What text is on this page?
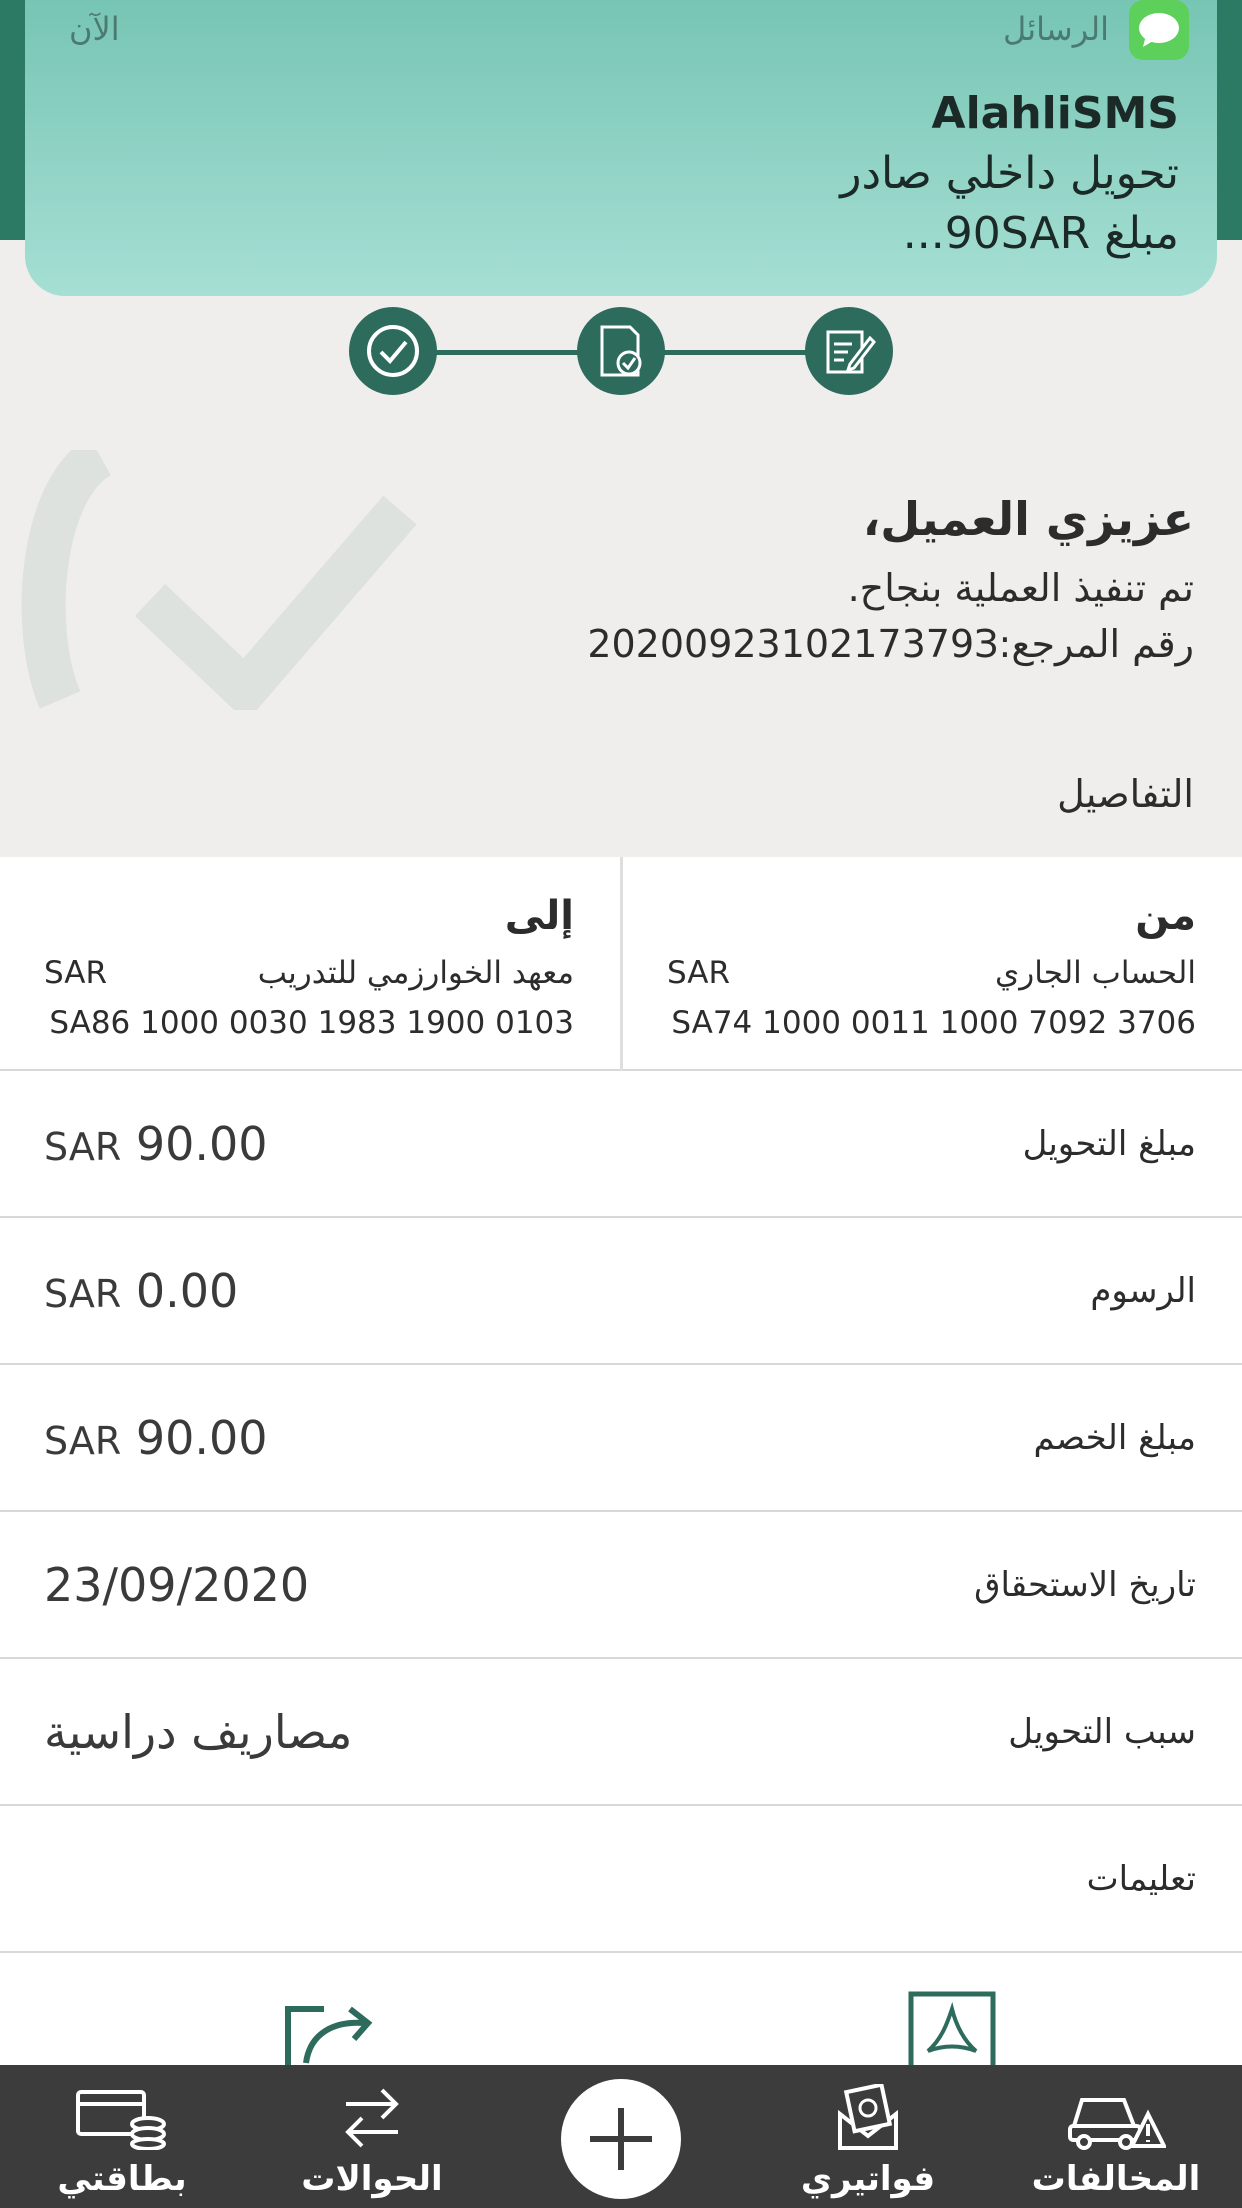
الرسائل
الآن
AlahliSMS
تحويل داخلي صادر
مبلغ 90SAR...
عزيزي العميل،
تم تنفيذ العملية بنجاح.
رقم المرجع:2020092310217379З
التفاصيل
من
الحساب الجاري
SAR
SA74 1000 0011 1000 7092 3706
إلى
معهد الخوارزمي للتدريب
SAR
SA86 1000 0030 1983 1900 0103
مبلغ التحويل
SAR 90.00
الرسوم
SAR 0.00
مبلغ الخصم
SAR 90.00
تاريخ الاستحقاق
23/09/2020
سبب التحويل
مصاريف دراسية
تعليمات
بطاقتي	الحوالات	فواتيري	المخالفات
